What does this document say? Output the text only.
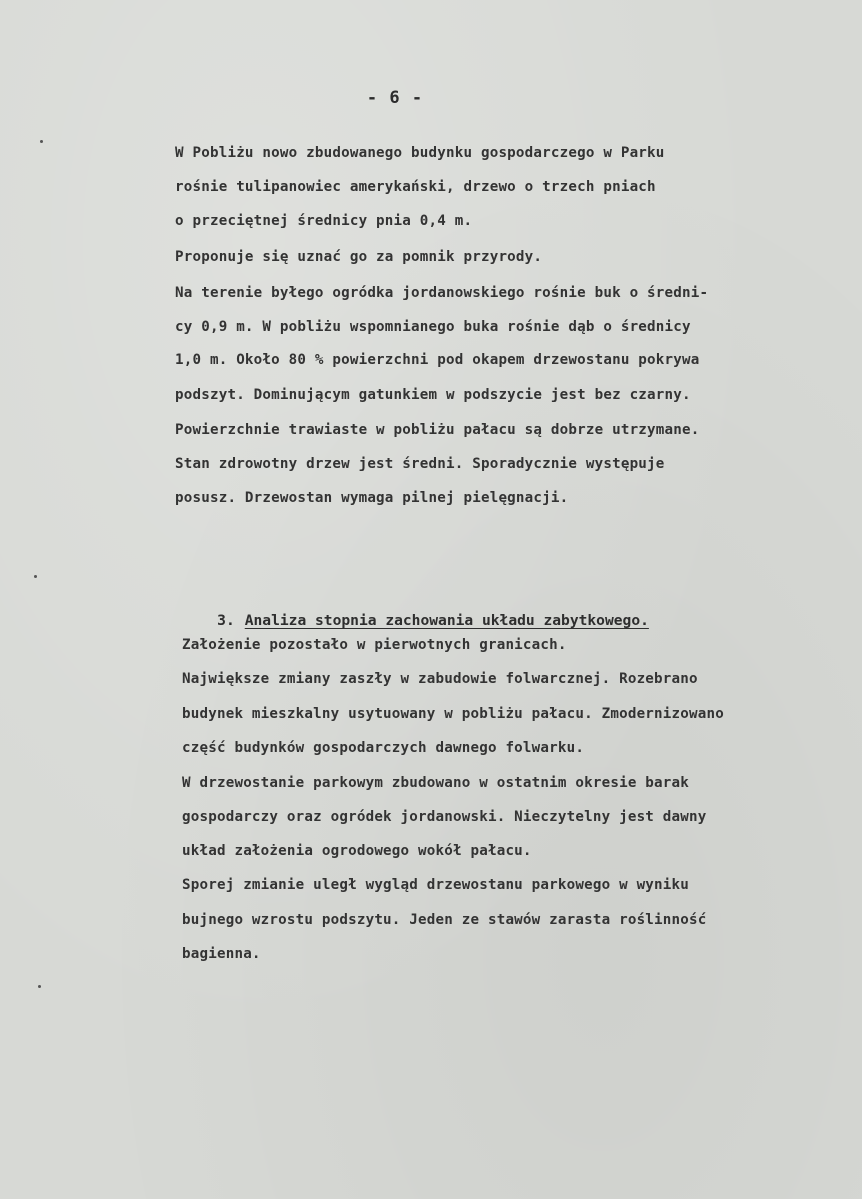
- 6 -
W Pobliżu nowo zbudowanego budynku gospodarczego w Parku
rośnie tulipanowiec amerykański, drzewo o trzech pniach
o przeciętnej średnicy pnia 0,4 m.
Proponuje się uznać go za pomnik przyrody.
Na terenie byłego ogródka jordanowskiego rośnie buk o średni-
cy 0,9 m. W pobliżu wspomnianego buka rośnie dąb o średnicy
1,0 m. Około 80 % powierzchni pod okapem drzewostanu pokrywa
podszyt. Dominującym gatunkiem w podszycie jest bez czarny.
Powierzchnie trawiaste w pobliżu pałacu są dobrze utrzymane.
Stan zdrowotny drzew jest średni. Sporadycznie występuje
posusz. Drzewostan wymaga pilnej pielęgnacji.

3. Analiza stopnia zachowania układu zabytkowego.

Założenie pozostało w pierwotnych granicach.
Największe zmiany zaszły w zabudowie folwarcznej. Rozebrano
budynek mieszkalny usytuowany w pobliżu pałacu. Zmodernizowano
część budynków gospodarczych dawnego folwarku.
W drzewostanie parkowym zbudowano w ostatnim okresie barak
gospodarczy oraz ogródek jordanowski. Nieczytelny jest dawny
układ założenia ogrodowego wokół pałacu.
Sporej zmianie uległ wygląd drzewostanu parkowego w wyniku
bujnego wzrostu podszytu. Jeden ze stawów zarasta roślinność
bagienna.
